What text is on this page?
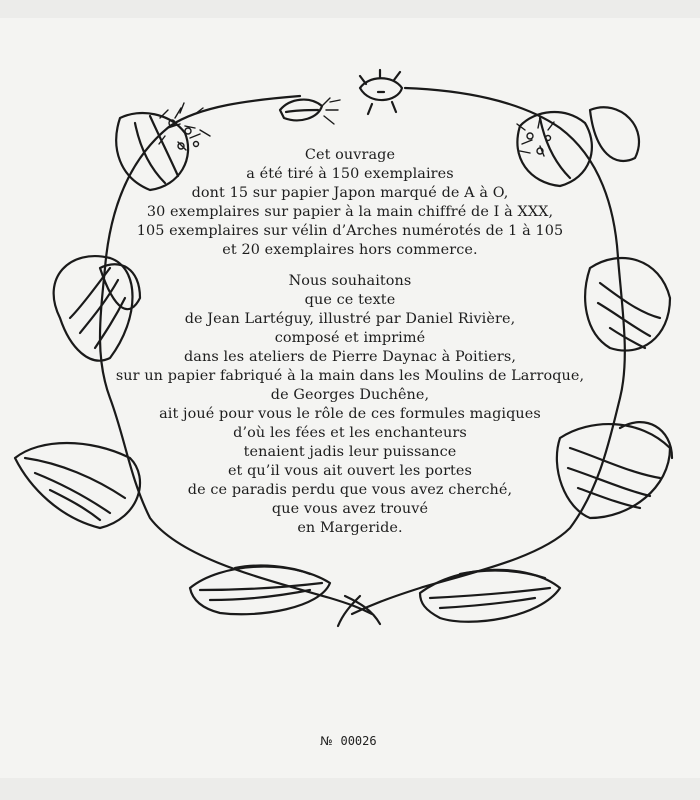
Cet ouvrage
a été tiré à 150 exemplaires
dont 15 sur papier Japon marqué de A à O,
30 exemplaires sur papier à la main chiffré de I à XXX,
105 exemplaires sur vélin d’Arches numérotés de 1 à 105
et 20 exemplaires hors commerce.
Nous souhaitons
que ce texte
de Jean Lartéguy, illustré par Daniel Rivière,
composé et imprimé
dans les ateliers de Pierre Daynac à Poitiers,
sur un papier fabriqué à la main dans les Moulins de Larroque,
de Georges Duchêne,
ait joué pour vous le rôle de ces formules magiques
d’où les fées et les enchanteurs
tenaient jadis leur puissance
et qu’il vous ait ouvert les portes
de ce paradis perdu que vous avez cherché,
que vous avez trouvé
en Margeride.
№ 00026
